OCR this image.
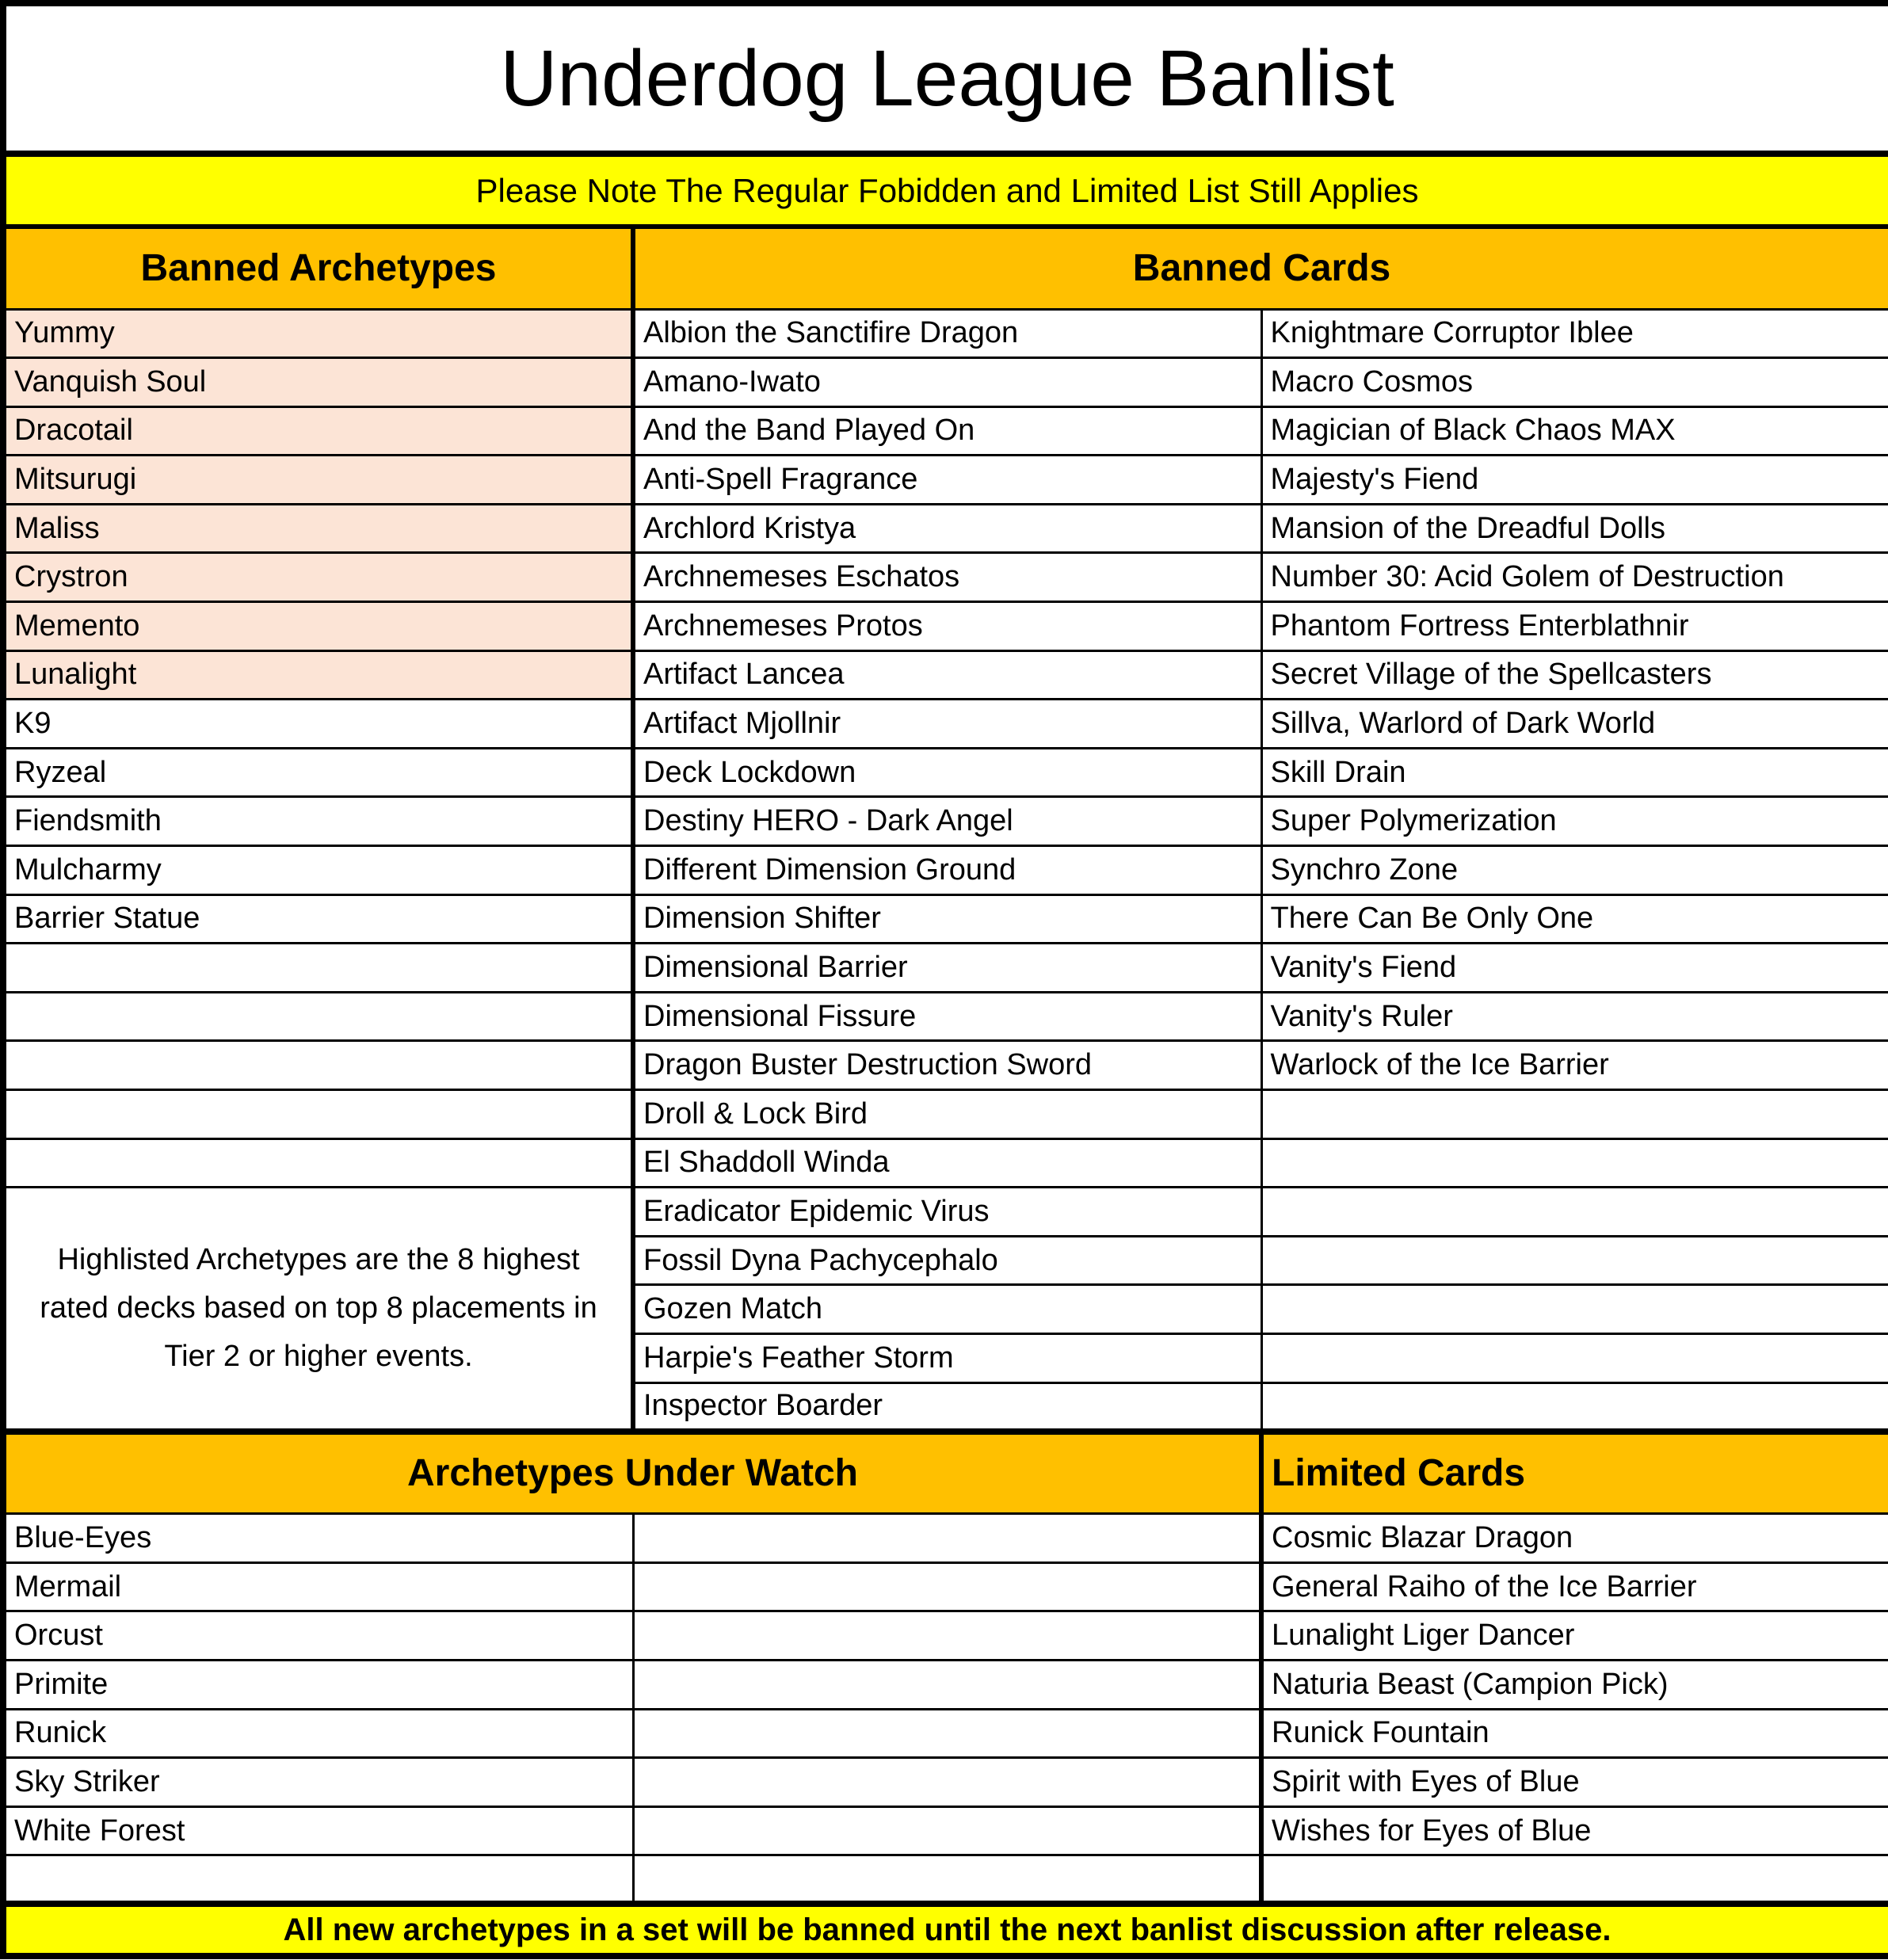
Underdog League Banlist		
Please Note The Regular Fobidden and Limited List Still Applies		
Banned Archetypes	Banned Cards	
Yummy	Albion the Sanctifire Dragon	Knightmare Corruptor Iblee
Vanquish Soul	Amano-Iwato	Macro Cosmos
Dracotail	And the Band Played On	Magician of Black Chaos MAX
Mitsurugi	Anti-Spell Fragrance	Majesty's Fiend
Maliss	Archlord Kristya	Mansion of the Dreadful Dolls
Crystron	Archnemeses Eschatos	Number 30: Acid Golem of Destruction
Memento	Archnemeses Protos	Phantom Fortress Enterblathnir
Lunalight	Artifact Lancea	Secret Village of the Spellcasters
K9	Artifact Mjollnir	Sillva, Warlord of Dark World
Ryzeal	Deck Lockdown	Skill Drain
Fiendsmith	Destiny HERO - Dark Angel	Super Polymerization
Mulcharmy	Different Dimension Ground	Synchro Zone
Barrier Statue	Dimension Shifter	There Can Be Only One
	Dimensional Barrier	Vanity's Fiend
	Dimensional Fissure	Vanity's Ruler
	Dragon Buster Destruction Sword	Warlock of the Ice Barrier
	Droll & Lock Bird	
	El Shaddoll Winda	
Highlisted Archetypes are the 8 highest rated decks based on top 8 placements in Tier 2 or higher events.	Eradicator Epidemic Virus	
	Fossil Dyna Pachycephalo	
	Gozen Match	
	Harpie's Feather Storm	
	Inspector Boarder	
Archetypes Under Watch		Limited Cards
Blue-Eyes		Cosmic Blazar Dragon
Mermail		General Raiho of the Ice Barrier
Orcust		Lunalight Liger Dancer
Primite		Naturia Beast (Campion Pick)
Runick		Runick Fountain
Sky Striker		Spirit with Eyes of Blue
White Forest		Wishes for Eyes of Blue

All new archetypes in a set will be banned until the next banlist discussion after release.		
